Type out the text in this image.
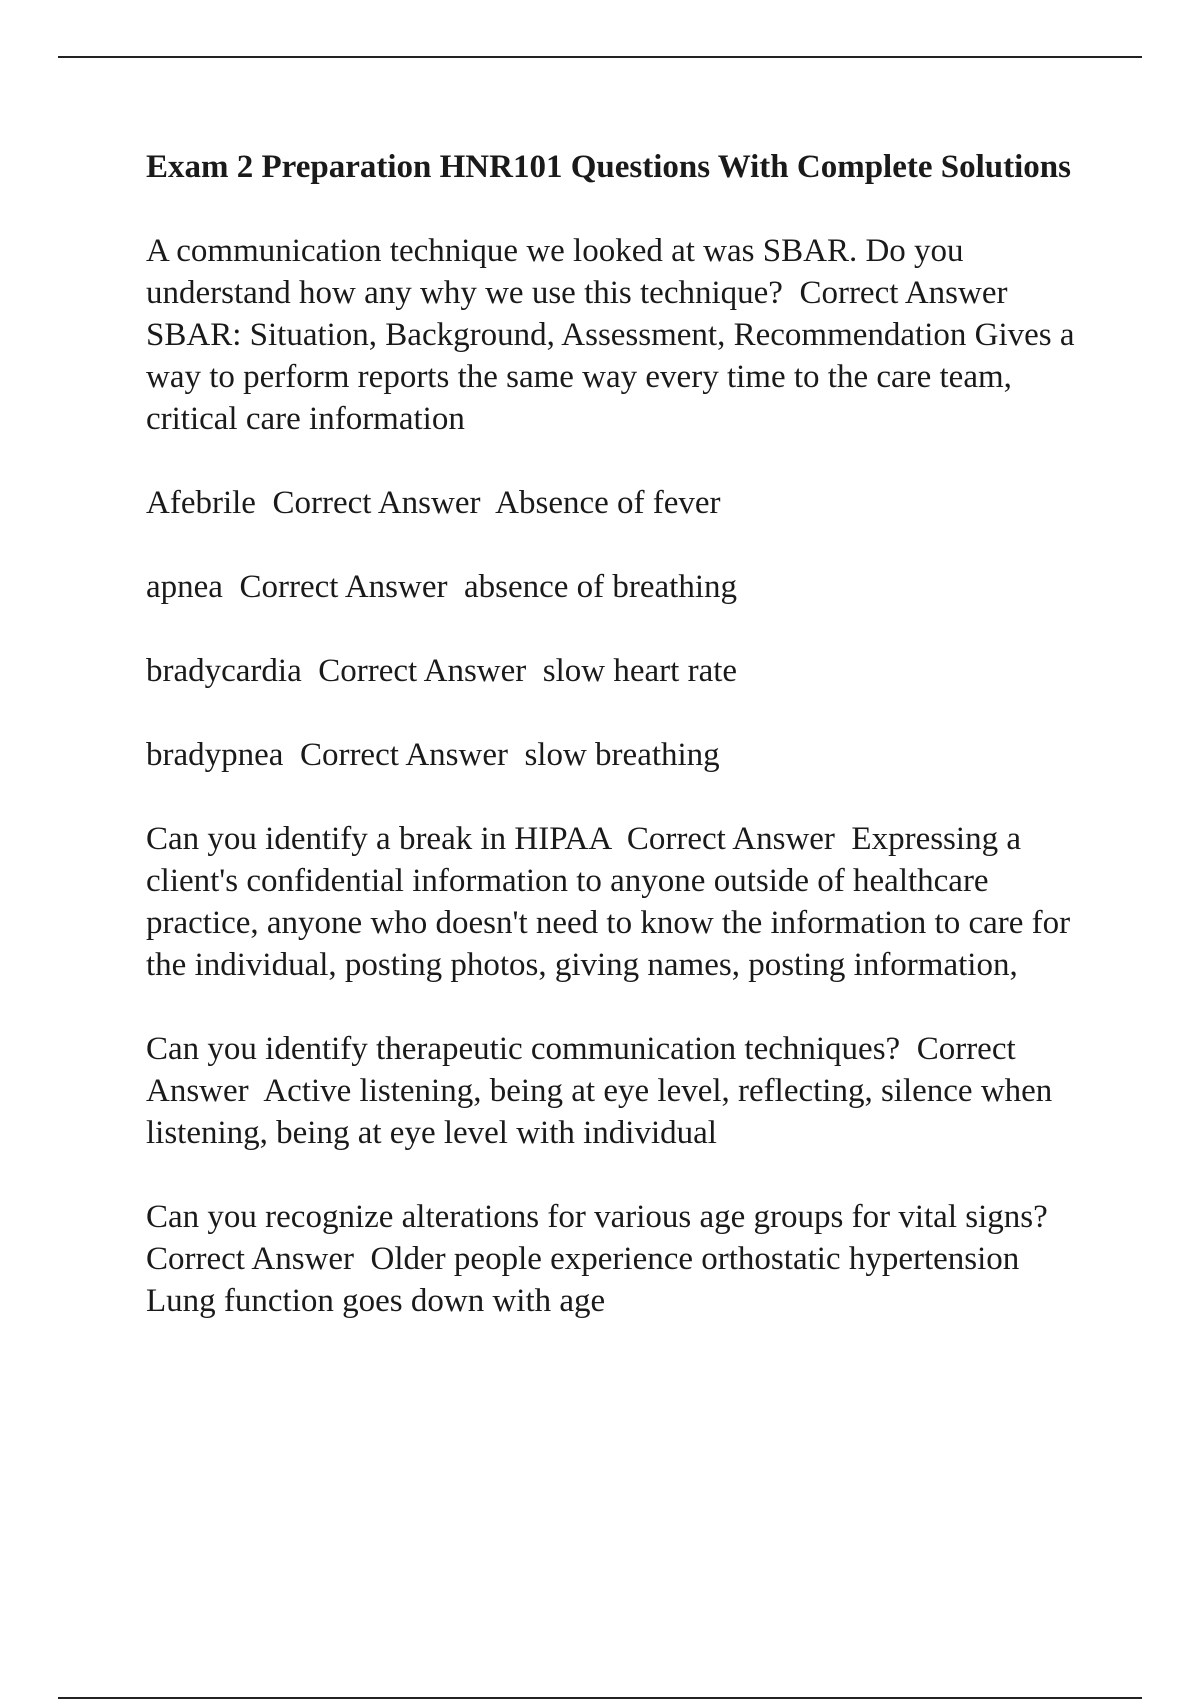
Exam 2 Preparation HNR101 Questions With Complete Solutions
A communication technique we looked at was SBAR. Do you understand how any why we use this technique? Correct Answer  SBAR: Situation, Background, Assessment, Recommendation Gives a way to perform reports the same way every time to the care team, critical care information
Afebrile Correct Answer Absence of fever
apnea Correct Answer absence of breathing
bradycardia Correct Answer slow heart rate
bradypnea Correct Answer slow breathing
Can you identify a break in HIPAA Correct Answer Expressing a client's confidential information to anyone outside of healthcare practice, anyone who doesn't need to know the information to care for the individual, posting photos, giving names, posting information,
Can you identify therapeutic communication techniques? Correct Answer Active listening, being at eye level, reflecting, silence when listening, being at eye level with individual
Can you recognize alterations for various age groups for vital signs?  Correct Answer Older people experience orthostatic hypertension
Lung function goes down with age
